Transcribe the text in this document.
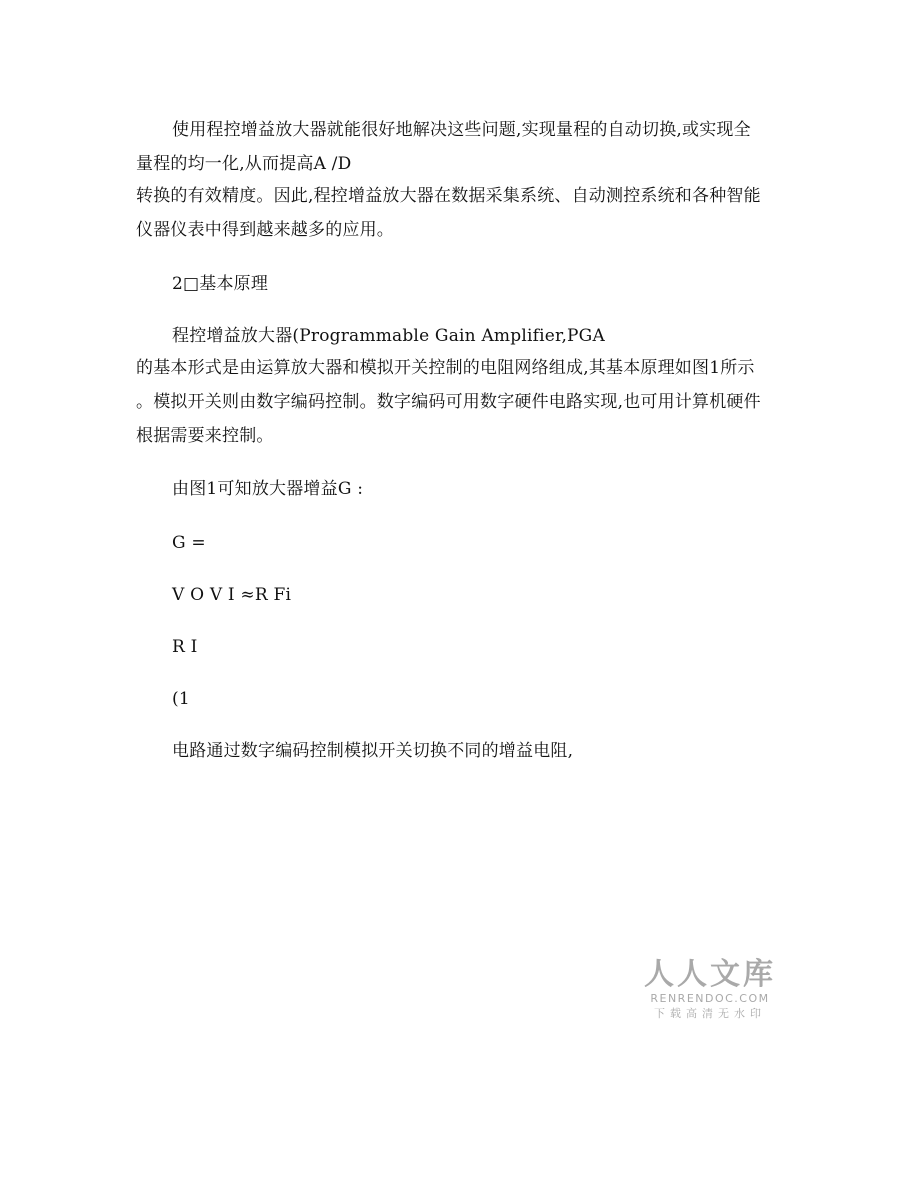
使用程控增益放大器就能很好地解决这些问题,实现量程的自动切换,或实现全
量程的均一化,从而提高A /D
转换的有效精度。因此,程控增益放大器在数据采集系统、自动测控系统和各种智能
仪器仪表中得到越来越多的应用。
2□基本原理
程控增益放大器(Programmable Gain Amplifier,PGA
的基本形式是由运算放大器和模拟开关控制的电阻网络组成,其基本原理如图1所示
。模拟开关则由数字编码控制。数字编码可用数字硬件电路实现,也可用计算机硬件
根据需要来控制。
由图1可知放大器增益G :
G =
V O V I ≈R Fi
R I
(1
电路通过数字编码控制模拟开关切换不同的增益电阻,
人人文库
RENRENDOC.COM
下载高清无水印
